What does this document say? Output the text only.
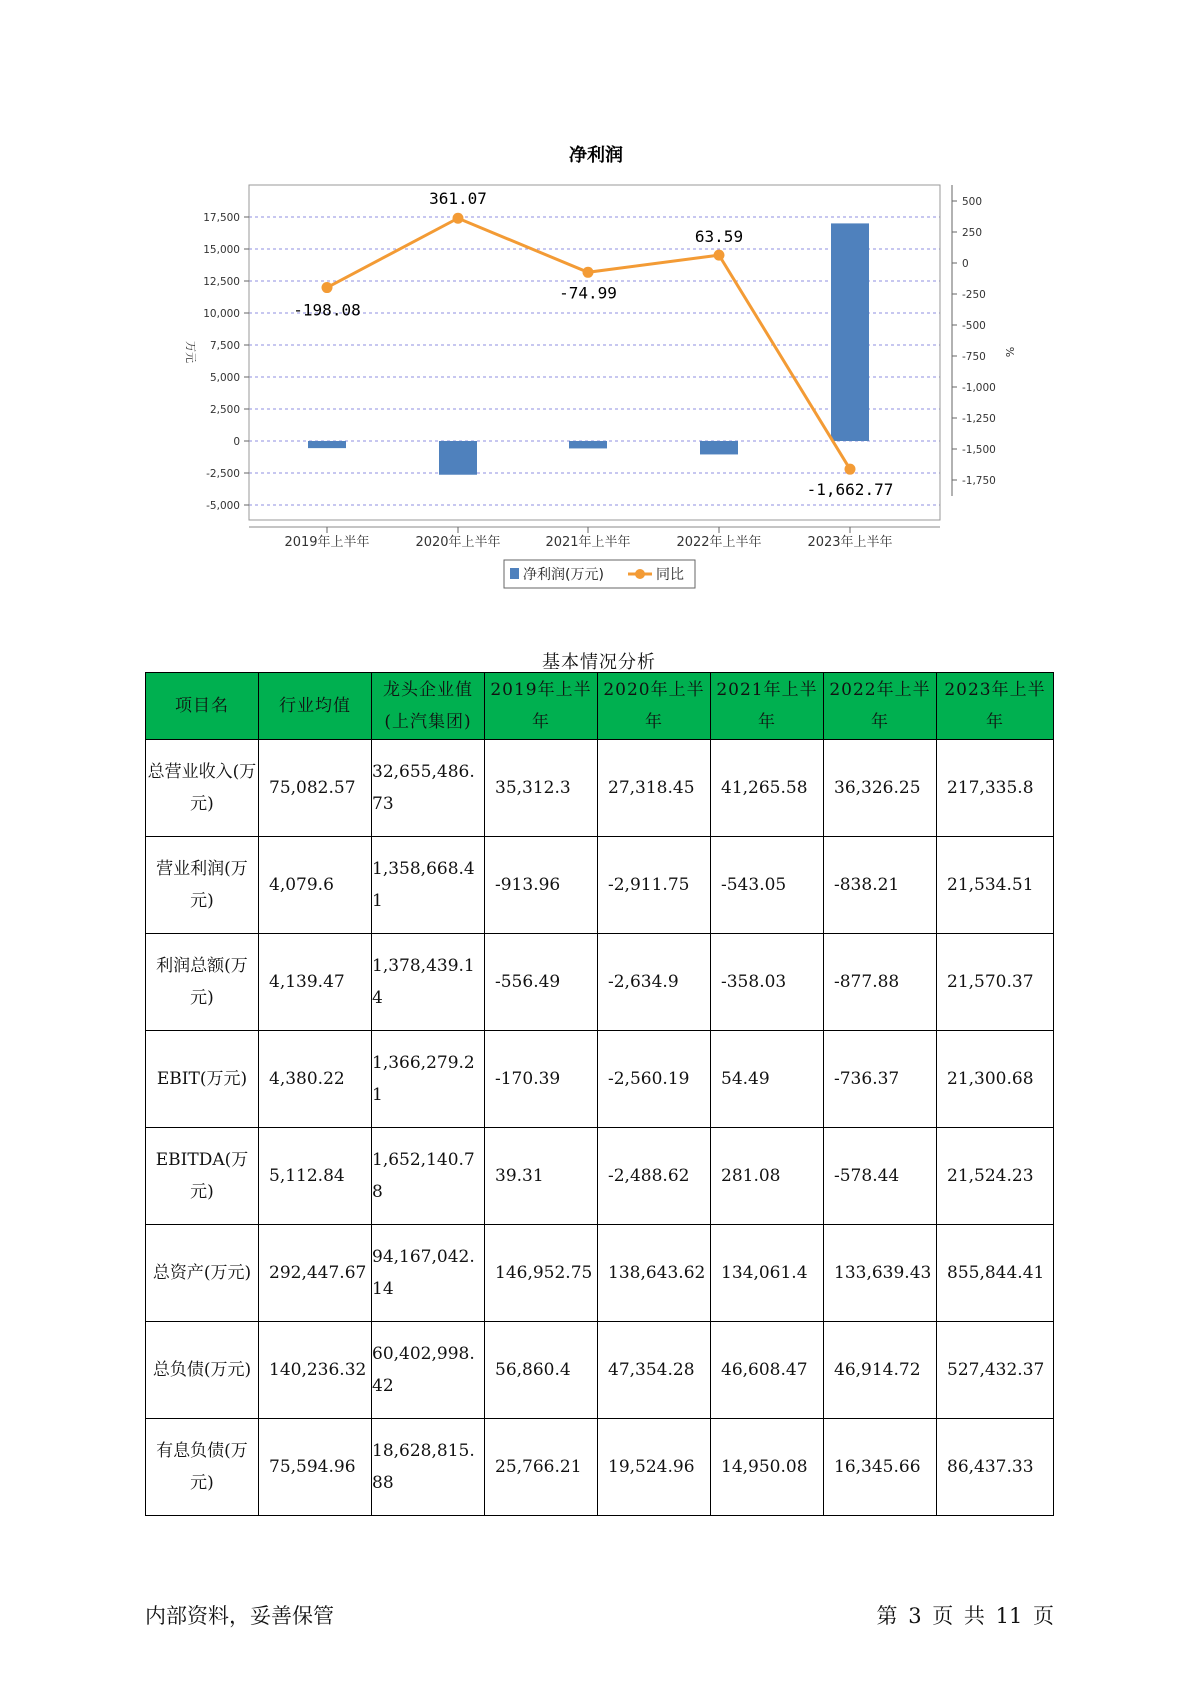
净利润
17,500
15,000
12,500
10,000
7,500
5,000
2,500
0
-2,500
-5,000
500
250
0
-250
-500
-750
-1,000
-1,250
-1,500
-1,750
万元	%
2019年上半年	2020年上半年	2021年上半年	2022年上半年	2023年上半年
-198.08
361.07
-74.99
63.59
-1,662.77
净利润(万元)	同比
基本情况分析
项目名	行业均值	龙头企业值(上汽集团)	2019年上半年	2020年上半年	2021年上半年	2022年上半年	2023年上半年
总营业收入(万元)	75,082.57	32,655,486.73	35,312.3	27,318.45	41,265.58	36,326.25	217,335.8
营业利润(万元)	4,079.6	1,358,668.41	-913.96	-2,911.75	-543.05	-838.21	21,534.51
利润总额(万元)	4,139.47	1,378,439.14	-556.49	-2,634.9	-358.03	-877.88	21,570.37
EBIT(万元)	4,380.22	1,366,279.21	-170.39	-2,560.19	54.49	-736.37	21,300.68
EBITDA(万元)	5,112.84	1,652,140.78	39.31	-2,488.62	281.08	-578.44	21,524.23
总资产(万元)	292,447.67	94,167,042.14	146,952.75	138,643.62	134,061.4	133,639.43	855,844.41
总负债(万元)	140,236.32	60,402,998.42	56,860.4	47,354.28	46,608.47	46,914.72	527,432.37
有息负债(万元)	75,594.96	18,628,815.88	25,766.21	19,524.96	14,950.08	16,345.66	86,437.33
内部资料，妥善保管	第 3 页 共 11 页
